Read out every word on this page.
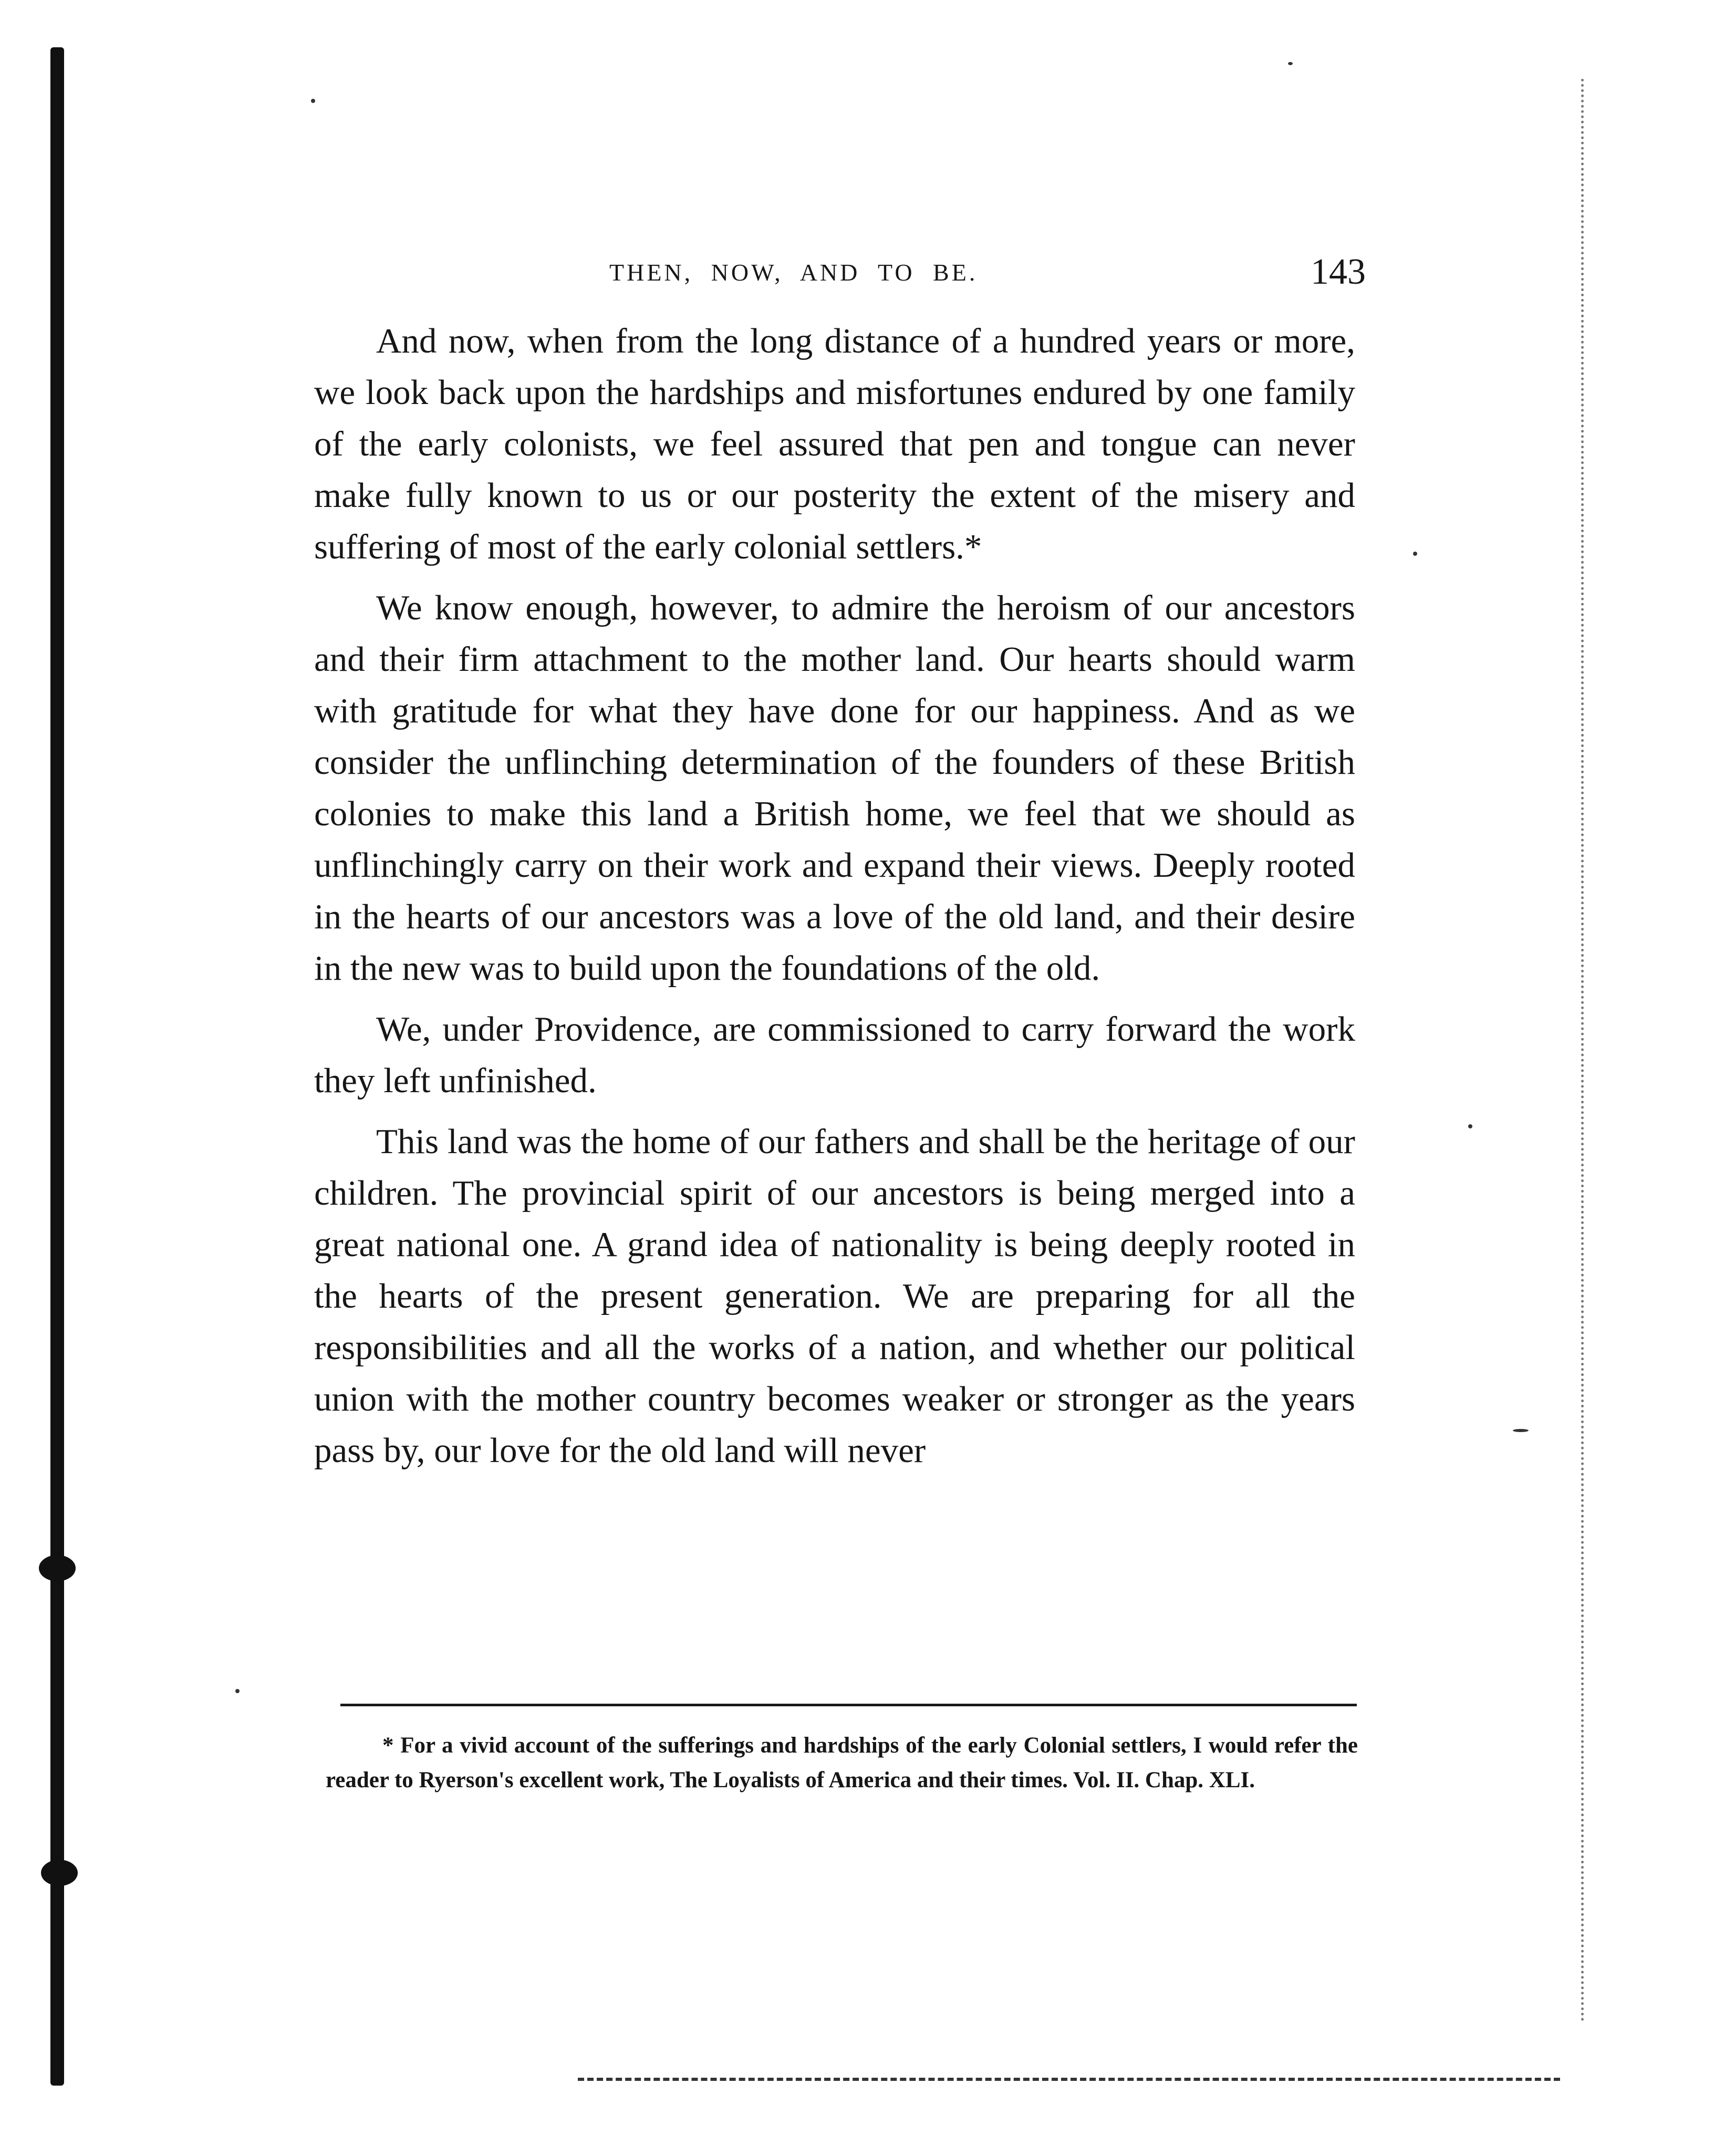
THEN, NOW, AND TO BE.	143

And now, when from the long distance of a hundred years or more, we look back upon the hardships and misfortunes endured by one family of the early colonists, we feel assured that pen and tongue can never make fully known to us or our posterity the extent of the misery and suffering of most of the early colonial settlers.*

We know enough, however, to admire the heroism of our ancestors and their firm attachment to the mother land. Our hearts should warm with gratitude for what they have done for our happiness. And as we consider the unflinching determination of the founders of these British colonies to make this land a British home, we feel that we should as unflinchingly carry on their work and expand their views. Deeply rooted in the hearts of our ancestors was a love of the old land, and their desire in the new was to build upon the foundations of the old.

We, under Providence, are commissioned to carry forward the work they left unfinished.

This land was the home of our fathers and shall be the heritage of our children. The provincial spirit of our ancestors is being merged into a great national one. A grand idea of nationality is being deeply rooted in the hearts of the present generation. We are preparing for all the responsibilities and all the works of a nation, and whether our political union with the mother country becomes weaker or stronger as the years pass by, our love for the old land will never

* For a vivid account of the sufferings and hardships of the early Colonial settlers, I would refer the reader to Ryerson's excellent work, The Loyalists of America and their times. Vol. II. Chap. XLI.
